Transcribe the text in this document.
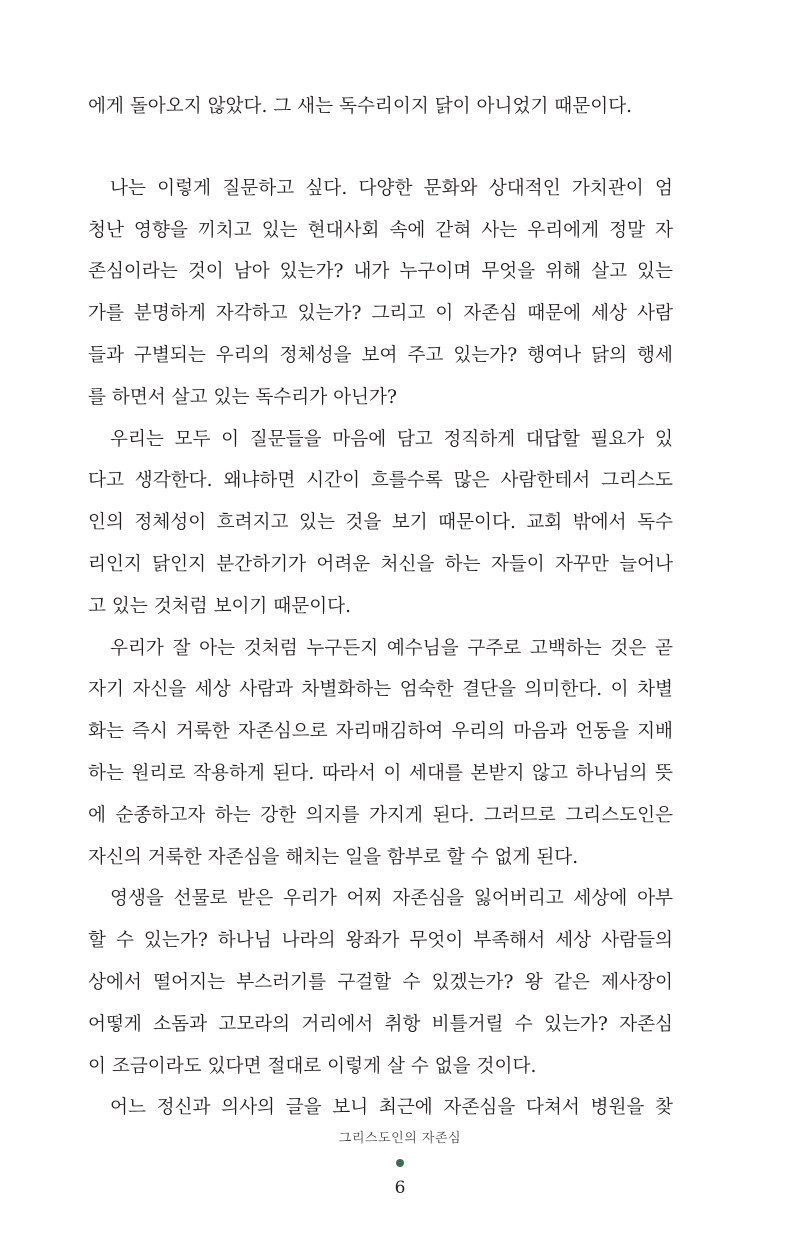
에게 돌아오지 않았다. 그 새는 독수리이지 닭이 아니었기 때문이다.
나는 이렇게 질문하고 싶다. 다양한 문화와 상대적인 가치관이 엄
청난 영향을 끼치고 있는 현대사회 속에 갇혀 사는 우리에게 정말 자
존심이라는 것이 남아 있는가? 내가 누구이며 무엇을 위해 살고 있는
가를 분명하게 자각하고 있는가? 그리고 이 자존심 때문에 세상 사람
들과 구별되는 우리의 정체성을 보여 주고 있는가? 행여나 닭의 행세
를 하면서 살고 있는 독수리가 아닌가?
우리는 모두 이 질문들을 마음에 담고 정직하게 대답할 필요가 있
다고 생각한다. 왜냐하면 시간이 흐를수록 많은 사람한테서 그리스도
인의 정체성이 흐려지고 있는 것을 보기 때문이다. 교회 밖에서 독수
리인지 닭인지 분간하기가 어려운 처신을 하는 자들이 자꾸만 늘어나
고 있는 것처럼 보이기 때문이다.
우리가 잘 아는 것처럼 누구든지 예수님을 구주로 고백하는 것은 곧
자기 자신을 세상 사람과 차별화하는 엄숙한 결단을 의미한다. 이 차별
화는 즉시 거룩한 자존심으로 자리매김하여 우리의 마음과 언동을 지배
하는 원리로 작용하게 된다. 따라서 이 세대를 본받지 않고 하나님의 뜻
에 순종하고자 하는 강한 의지를 가지게 된다. 그러므로 그리스도인은
자신의 거룩한 자존심을 해치는 일을 함부로 할 수 없게 된다.
영생을 선물로 받은 우리가 어찌 자존심을 잃어버리고 세상에 아부
할 수 있는가? 하나님 나라의 왕좌가 무엇이 부족해서 세상 사람들의
상에서 떨어지는 부스러기를 구걸할 수 있겠는가? 왕 같은 제사장이
어떻게 소돔과 고모라의 거리에서 취항 비틀거릴 수 있는가? 자존심
이 조금이라도 있다면 절대로 이렇게 살 수 없을 것이다.
어느 정신과 의사의 글을 보니 최근에 자존심을 다쳐서 병원을 찾
그리스도인의 자존심
6
